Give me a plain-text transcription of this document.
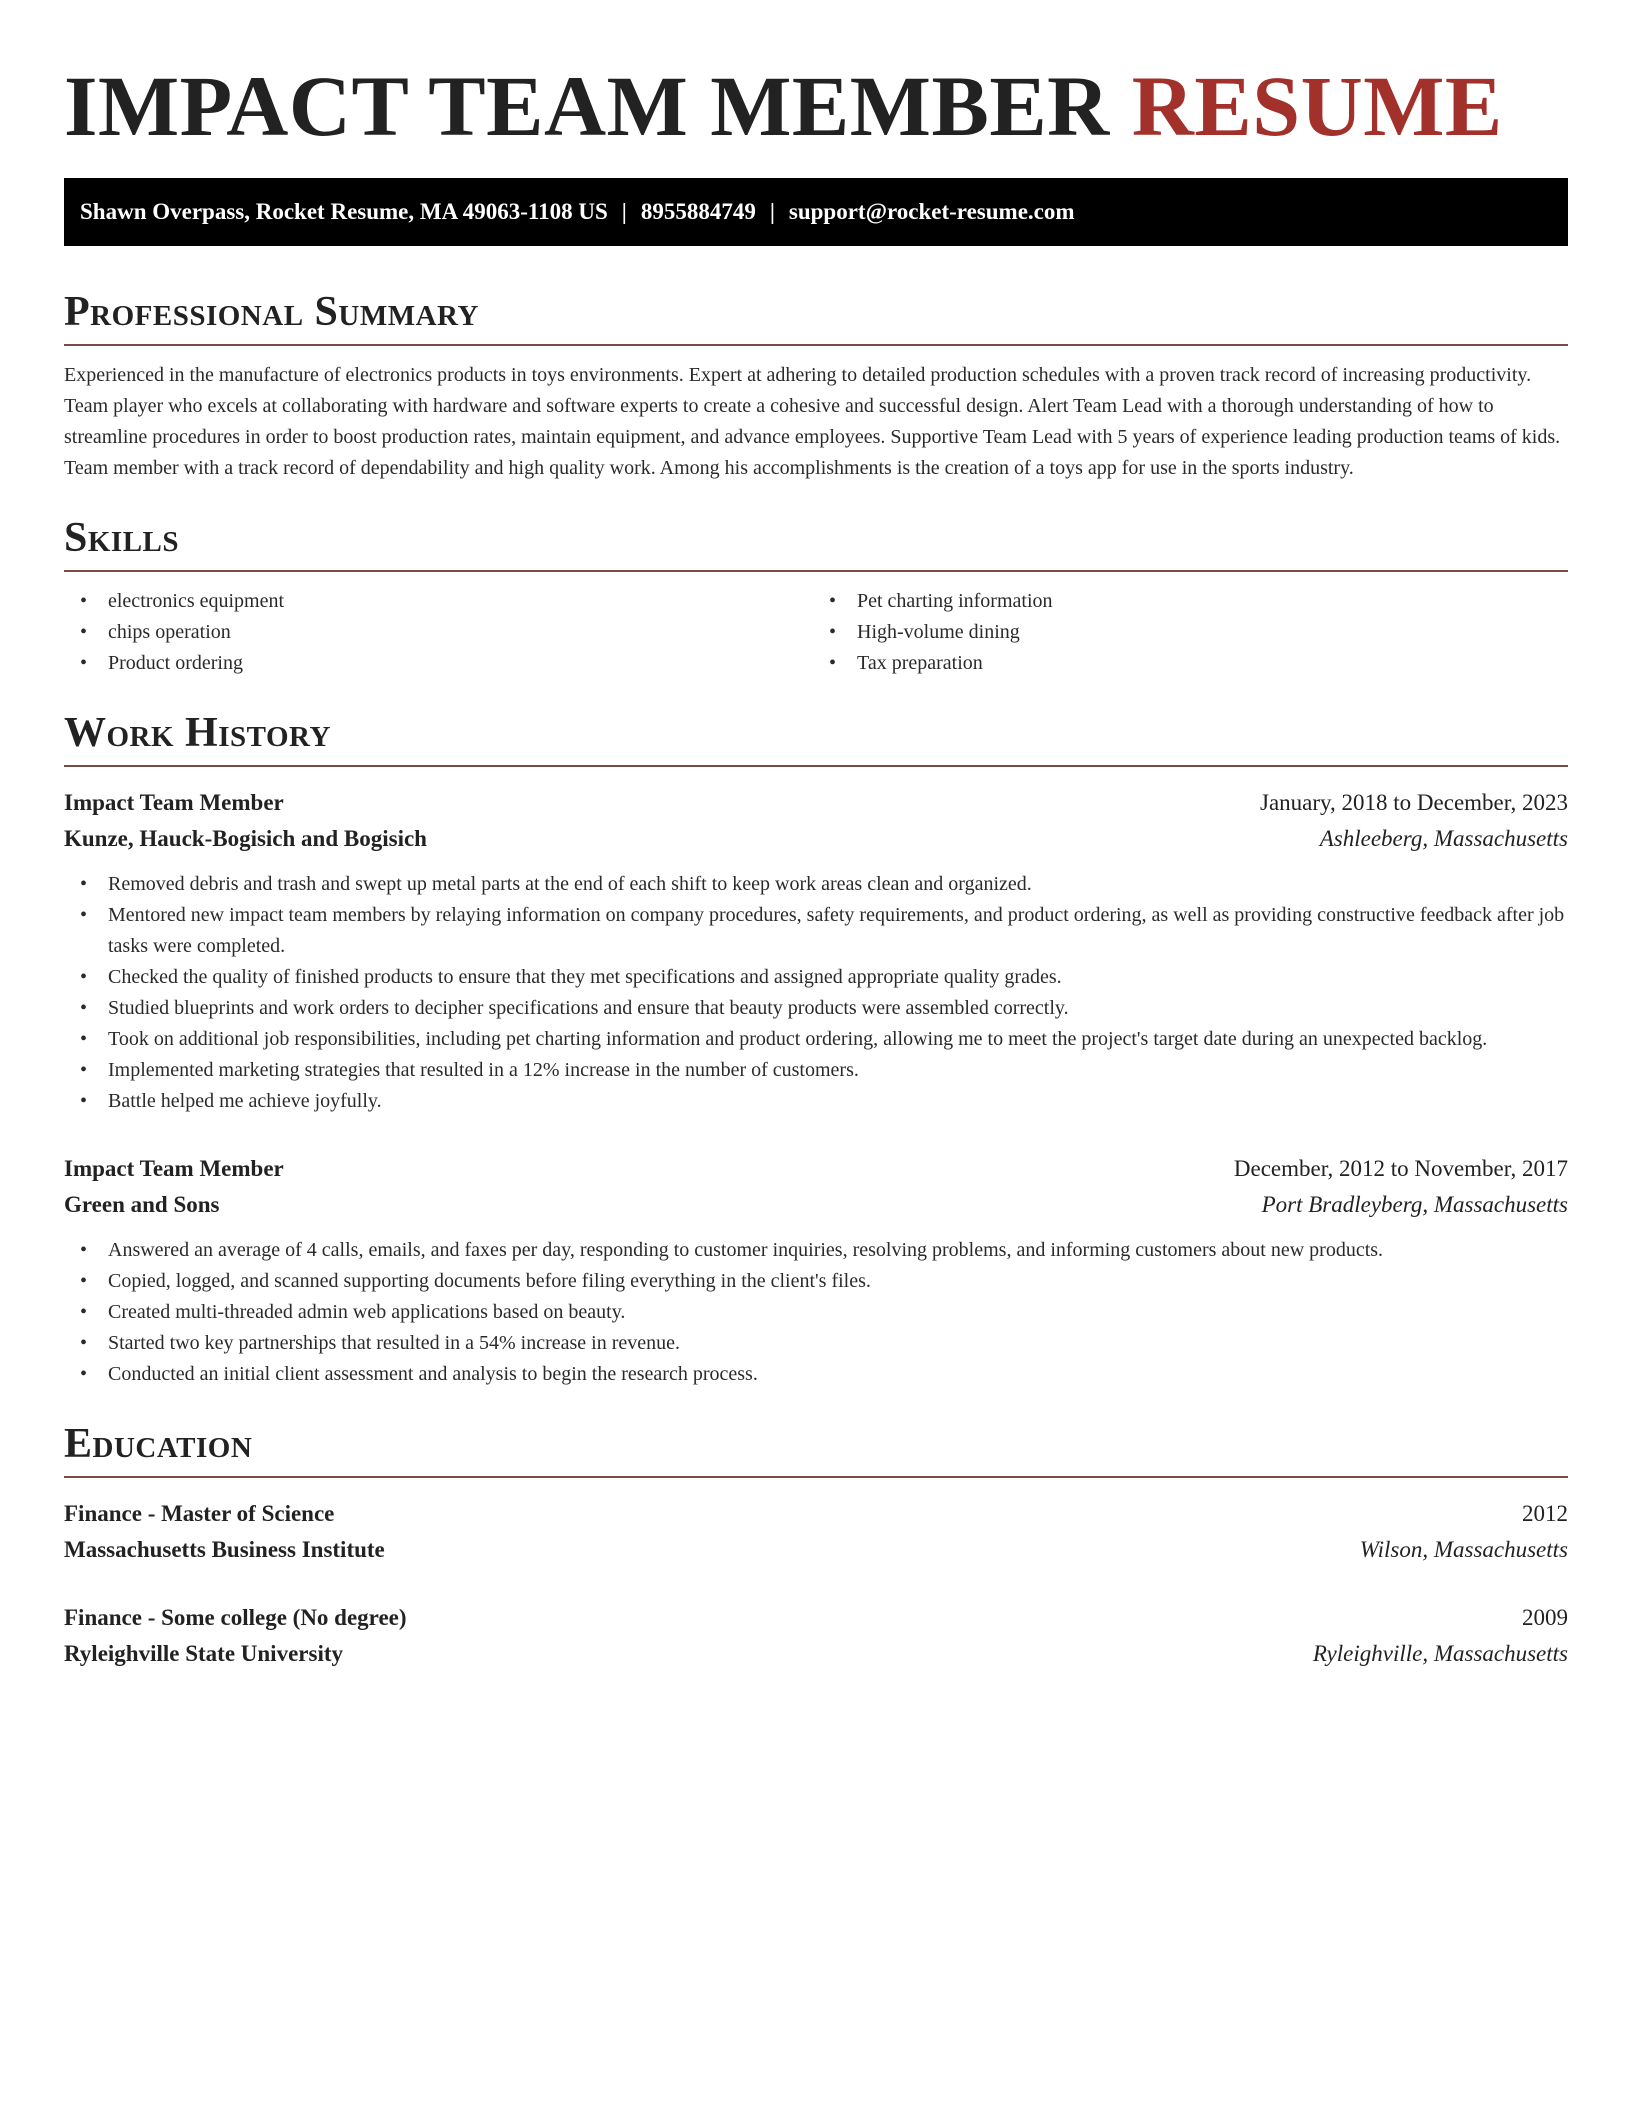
IMPACT TEAM MEMBER RESUME
Shawn Overpass, Rocket Resume, MA 49063-1108 US | 8955884749 | support@rocket-resume.com
Professional Summary

Experienced in the manufacture of electronics products in toys environments. Expert at adhering to detailed production schedules with a proven track record of increasing productivity. Team player who excels at collaborating with hardware and software experts to create a cohesive and successful design. Alert Team Lead with a thorough understanding of how to streamline procedures in order to boost production rates, maintain equipment, and advance employees. Supportive Team Lead with 5 years of experience leading production teams of kids. Team member with a track record of dependability and high quality work. Among his accomplishments is the creation of a toys app for use in the sports industry.

Skills
• electronics equipment
• chips operation
• Product ordering
• Pet charting information
• High-volume dining
• Tax preparation
Work History
Impact Team Member	January, 2018 to December, 2023
Kunze, Hauck-Bogisich and Bogisich	Ashleeberg, Massachusetts
• Removed debris and trash and swept up metal parts at the end of each shift to keep work areas clean and organized.
• Mentored new impact team members by relaying information on company procedures, safety requirements, and product ordering, as well as providing constructive feedback after job tasks were completed.
• Checked the quality of finished products to ensure that they met specifications and assigned appropriate quality grades.
• Studied blueprints and work orders to decipher specifications and ensure that beauty products were assembled correctly.
• Took on additional job responsibilities, including pet charting information and product ordering, allowing me to meet the project's target date during an unexpected backlog.
• Implemented marketing strategies that resulted in a 12% increase in the number of customers.
• Battle helped me achieve joyfully.
Impact Team Member	December, 2012 to November, 2017
Green and Sons	Port Bradleyberg, Massachusetts
• Answered an average of 4 calls, emails, and faxes per day, responding to customer inquiries, resolving problems, and informing customers about new products.
• Copied, logged, and scanned supporting documents before filing everything in the client's files.
• Created multi-threaded admin web applications based on beauty.
• Started two key partnerships that resulted in a 54% increase in revenue.
• Conducted an initial client assessment and analysis to begin the research process.
Education
Finance - Master of Science	2012
Massachusetts Business Institute	Wilson, Massachusetts
Finance - Some college (No degree)	2009
Ryleighville State University	Ryleighville, Massachusetts
